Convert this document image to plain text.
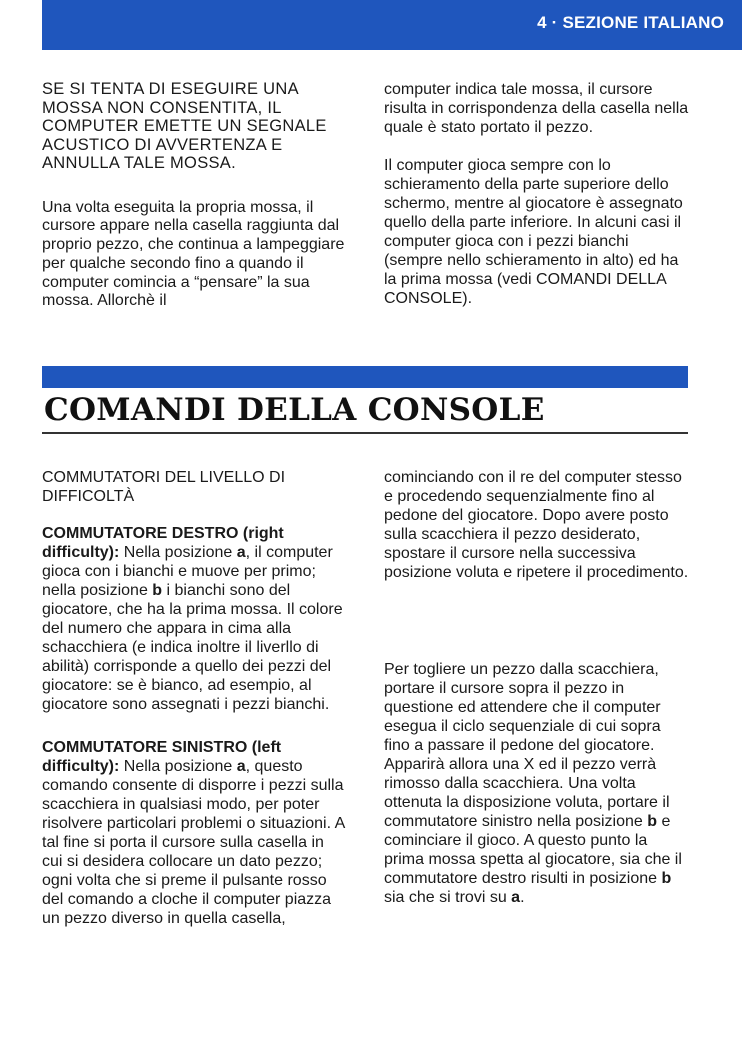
4 · SEZIONE ITALIANO

SE SI TENTA DI ESEGUIRE UNA MOSSA NON CONSENTITA, IL COMPUTER EMETTE UN SEGNALE ACUSTICO DI AVVERTENZA E ANNULLA TALE MOSSA.

Una volta eseguita la propria mossa, il cursore appare nella casella raggiunta dal proprio pezzo, che continua a lampeggiare per qualche secondo fino a quando il computer comincia a “pensare” la sua mossa. Allorchè il

computer indica tale mossa, il cursore risulta in corrispondenza della casella nella quale è stato portato il pezzo.

Il computer gioca sempre con lo schieramento della parte superiore dello schermo, mentre al giocatore è assegnato quello della parte inferiore. In alcuni casi il computer gioca con i pezzi bianchi (sempre nello schieramento in alto) ed ha la prima mossa (vedi COMANDI DELLA CONSOLE).

COMANDI DELLA CONSOLE

COMMUTATORI DEL LIVELLO DI DIFFICOLTÀ

COMMUTATORE DESTRO (right difficulty): Nella posizione a, il computer gioca con i bianchi e muove per primo; nella posizione b i bianchi sono del giocatore, che ha la prima mossa. Il colore del numero che appara in cima alla schacchiera (e indica inoltre il liverllo di abilità) corrisponde a quello dei pezzi del giocatore: se è bianco, ad esempio, al giocatore sono assegnati i pezzi bianchi.

COMMUTATORE SINISTRO (left difficulty): Nella posizione a, questo comando consente di disporre i pezzi sulla scacchiera in qualsiasi modo, per poter risolvere particolari problemi o situazioni. A tal fine si porta il cursore sulla casella in cui si desidera collocare un dato pezzo; ogni volta che si preme il pulsante rosso del comando a cloche il computer piazza un pezzo diverso in quella casella,

cominciando con il re del computer stesso e procedendo sequenzialmente fino al pedone del giocatore. Dopo avere posto sulla scacchiera il pezzo desiderato, spostare il cursore nella successiva posizione voluta e ripetere il procedimento.

Per togliere un pezzo dalla scacchiera, portare il cursore sopra il pezzo in questione ed attendere che il computer esegua il ciclo sequenziale di cui sopra fino a passare il pedone del giocatore. Apparirà allora una X ed il pezzo verrà rimosso dalla scacchiera. Una volta ottenuta la disposizione voluta, portare il commutatore sinistro nella posizione b e cominciare il gioco. A questo punto la prima mossa spetta al giocatore, sia che il commutatore destro risulti in posizione b sia che si trovi su a.
